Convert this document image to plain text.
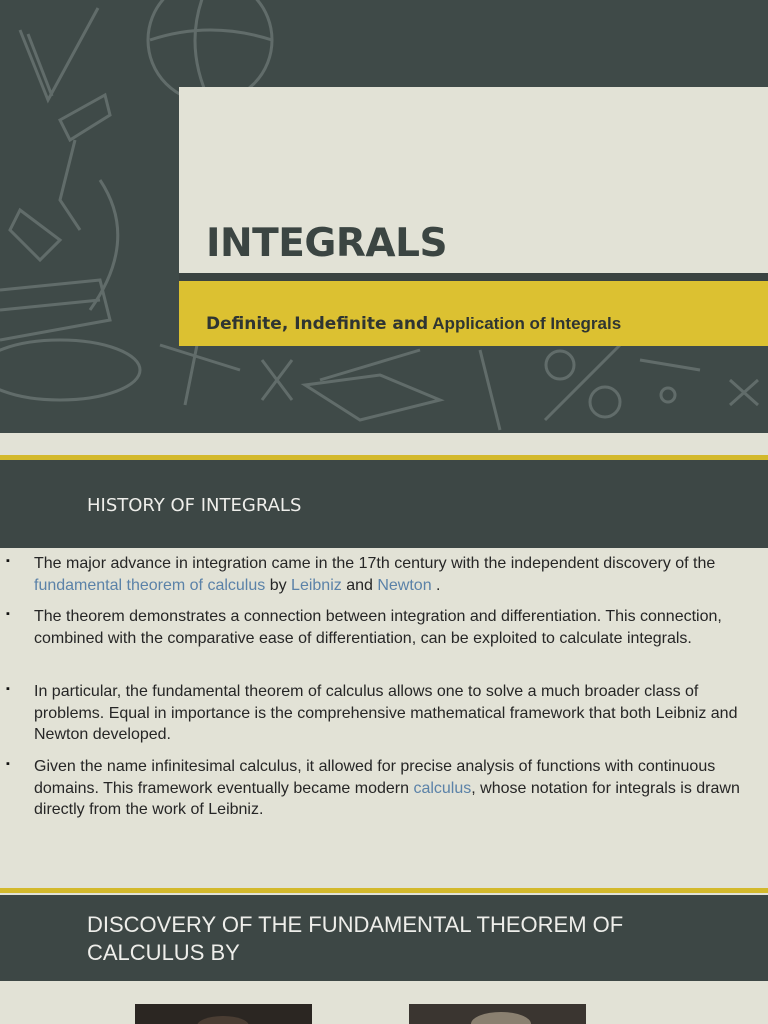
INTEGRALS
Definite, Indefinite and Application of Integrals
HISTORY OF INTEGRALS
▪ The major advance in integration came in the 17th century with the independent discovery of the fundamental theorem of calculus by Leibniz and Newton .
▪ The theorem demonstrates a connection between integration and differentiation. This connection, combined with the comparative ease of differentiation, can be exploited to calculate integrals.
▪ In particular, the fundamental theorem of calculus allows one to solve a much broader class of problems. Equal in importance is the comprehensive mathematical framework that both Leibniz and Newton developed.
▪ Given the name infinitesimal calculus, it allowed for precise analysis of functions with continuous domains. This framework eventually became modern calculus, whose notation for integrals is drawn directly from the work of Leibniz.
DISCOVERY OF THE FUNDAMENTAL THEOREM OF CALCULUS BY
